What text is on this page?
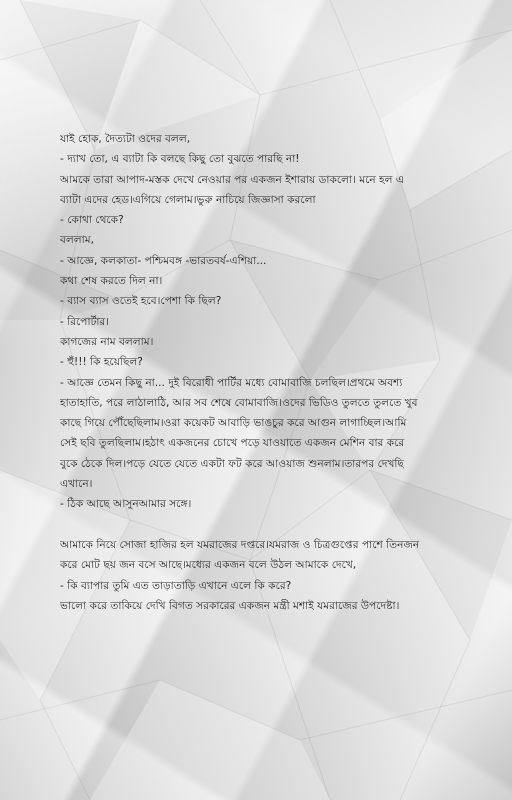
যাই হোক, দৈত্যটা ওদের বলল,
- দ্যাখ তো, এ ব্যাটা কি বলছে কিছু তো বুঝতে পারছি না!
আমকে তারা আপাদ-মস্তক দেখে নেওয়ার পর একজন ইশারায় ডাকলো। মনে হল এ
ব্যাটা এদের হেড।এগিয়ে গেলাম।ভুরু নাচিয়ে জিজ্ঞাসা করলো
- কোথা থেকে?
বললাম,
- আজ্ঞে, কলকাতা- পশ্চিমবঙ্গ -ভারতবর্ষ-এশিয়া...
কথা শেষ করতে দিল না।
- ব্যাস ব্যাস ওতেই হবে।পেশা কি ছিল?
- রিপোর্টার।
কাগজের নাম বললাম।
- হুঁ!!! কি হয়েছিল?
- আজ্ঞে তেমন কিছু না... দুই বিরোধী পার্টির মধ্যে বোমাবাজি চলছিল।প্রথমে অবশ্য
হাতাহাতি, পরে লাঠালাঠি, আর সব শেষে বোমাবাজি।ওদের ভিডিও তুলতে তুলতে খুব
কাছে গিয়ে পৌঁছেছিলাম।ওরা কয়েকট আবাড়ি ভাঙচুর করে আগুন লাগাচ্ছিল।আমি
সেই ছবি তুলছিলাম।হঠাৎ একজনের চোখে পড়ে যাওয়াতে একজন মেশিন বার করে
বুকে ঠেকে দিল।পড়ে যেতে যেতে একটা ফট করে আওয়াজ শুনলাম।তারপর দেখছি
এখানে।
- ঠিক আছে আসুনআমার সঙ্গে।
আমাকে নিয়ে সোজা হাজির হল যমরাজের দপ্তরে।যমরাজ ও চিত্রগুপ্তের পাশে তিনজন
করে মোট ছয় জন বসে আছে।মধ্যের একজন বলে উঠল আমাকে দেখে,
- কি ব্যাপার তুমি এত তাড়াতাড়ি এখানে এলে কি করে?
ভালো করে তাকিয়ে দেখি বিগত সরকারের একজন মন্ত্রী মশাই যমরাজের উপদেষ্টা।
